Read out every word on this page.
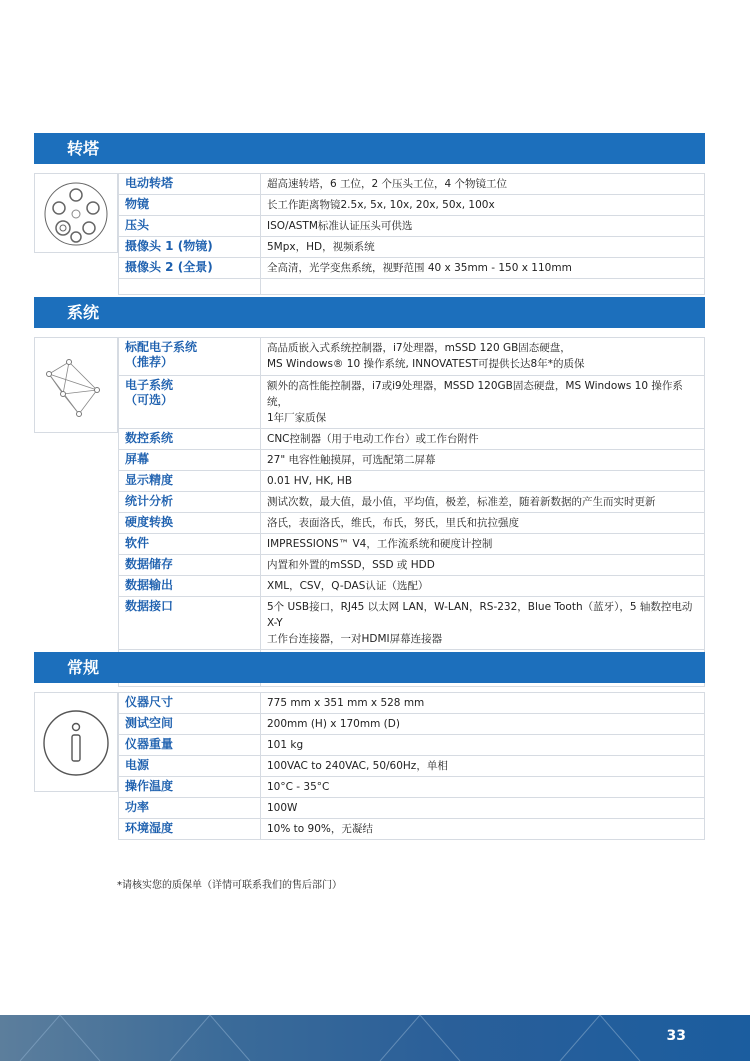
转塔
电动转塔	超高速转塔，6 工位，2 个压头工位，4 个物镜工位
物镜	长工作距离物镜2.5x, 5x, 10x, 20x, 50x, 100x
压头	ISO/ASTM标准认证压头可供选
摄像头 1 (物镜)	5Mpx，HD，视频系统
摄像头 2 (全景)	全高清，光学变焦系统，视野范围 40 x 35mm - 150 x 110mm

系统
标配电子系统
（推荐）	高品质嵌入式系统控制器，i7处理器，mSSD 120 GB固态硬盘，
MS Windows® 10 操作系统, INNOVATEST可提供长达8年*的质保
电子系统
（可选）	额外的高性能控制器，i7或i9处理器，MSSD 120GB固态硬盘，MS Windows 10 操作系统，
1年厂家质保
数控系统	CNC控制器（用于电动工作台）或工作台附件
屏幕	27" 电容性触摸屏，可选配第二屏幕
显示精度	0.01 HV, HK, HB
统计分析	测试次数，最大值，最小值，平均值，极差，标准差，随着新数据的产生而实时更新
硬度转换	洛氏，表面洛氏，维氏，布氏，努氏，里氏和抗拉强度
软件	IMPRESSIONS™ V4，工作流系统和硬度计控制
数据储存	内置和外置的mSSD，SSD 或 HDD
数据输出	XML，CSV，Q-DAS认证（选配）
数据接口	5个 USB接口，RJ45 以太网 LAN，W-LAN，RS-232，Blue Tooth（蓝牙），5 轴数控电动X-Y
工作台连接器，一对HDMI屏幕连接器

常规
仪器尺寸	775 mm x 351 mm x 528 mm
测试空间	200mm (H) x 170mm (D)
仪器重量	101 kg
电源	100VAC to 240VAC, 50/60Hz，单相
操作温度	10°C - 35°C
功率	100W
环境湿度	10% to 90%，无凝结
*请核实您的质保单（详情可联系我们的售后部门）
33
